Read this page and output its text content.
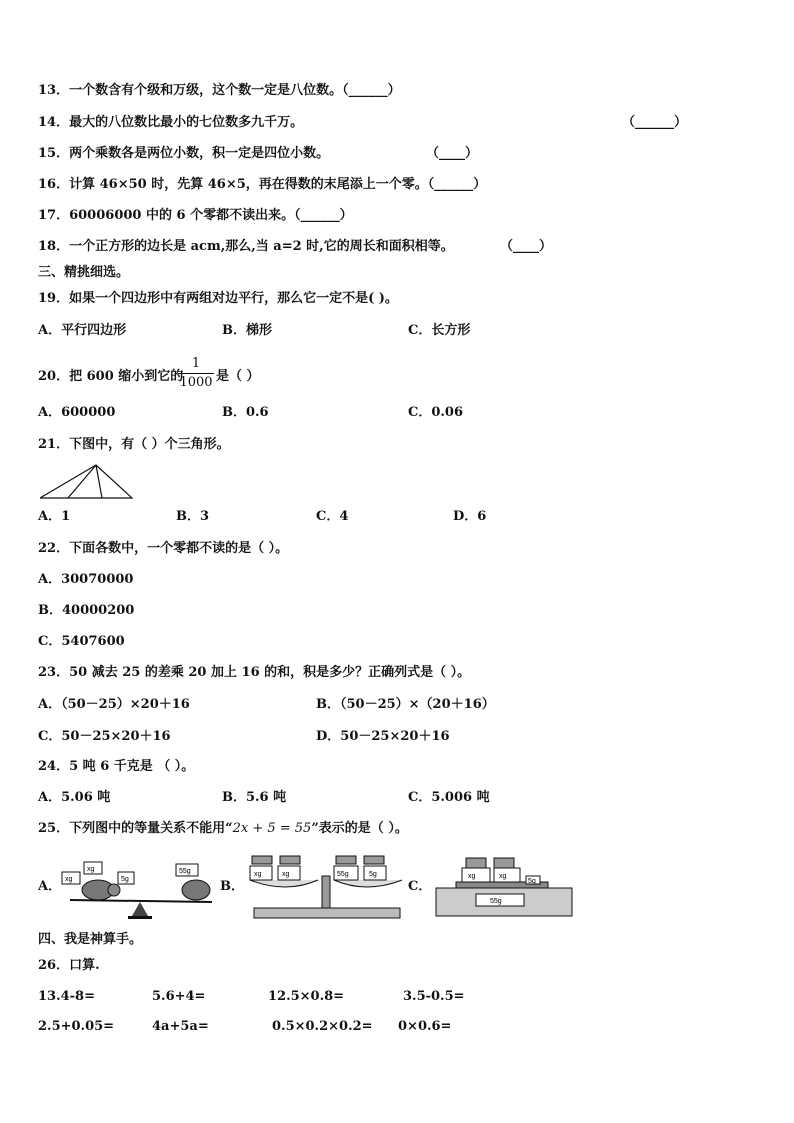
13．一个数含有个级和万级，这个数一定是八位数。（______）
14．最大的八位数比最小的七位数多九千万。	（______）
15．两个乘数各是两位小数，积一定是四位小数。	（____）
16．计算 46×50 时，先算 46×5，再在得数的末尾添上一个零。（______）
17．60006000 中的 6 个零都不读出来。（______）
18．一个正方形的边长是 acm,那么,当 a=2 时,它的周长和面积相等。	（____）
三、精挑细选。
19．如果一个四边形中有两组对边平行，那么它一定不是( )。
A．平行四边形	B．梯形	C．长方形
20．把 600 缩小到它的
1
1000 是（ ）
A．600000	B．0.6	C．0.06
21．下图中，有（ ）个三角形。
A．1	B．3	C．4	D．6
22．下面各数中，一个零都不读的是（ ）。
A．30070000
B．40000200
C．5407600
23．50 减去 25 的差乘 20 加上 16 的和，积是多少？正确列式是（ ）。
A．（50－25）×20＋16	B．（50－25）×（20＋16）
C．50－25×20＋16	D．50－25×20＋16
24．5 吨 6 千克是 （ ）。
A．5.06 吨	B．5.6 吨	C．5.006 吨
25．下列图中的等量关系不能用“2x + 5 = 55”表示的是（ ）。
A． xg
xg
5g
55g
B．
xg	xg	55g	5g
C．
55g
xg	xg
5g
四、我是神算手。
26．口算.
13.4-8=	5.6+4=	12.5×0.8=	3.5-0.5=
2.5+0.05=	4a+5a=	0.5×0.2×0.2= 0×0.6=
